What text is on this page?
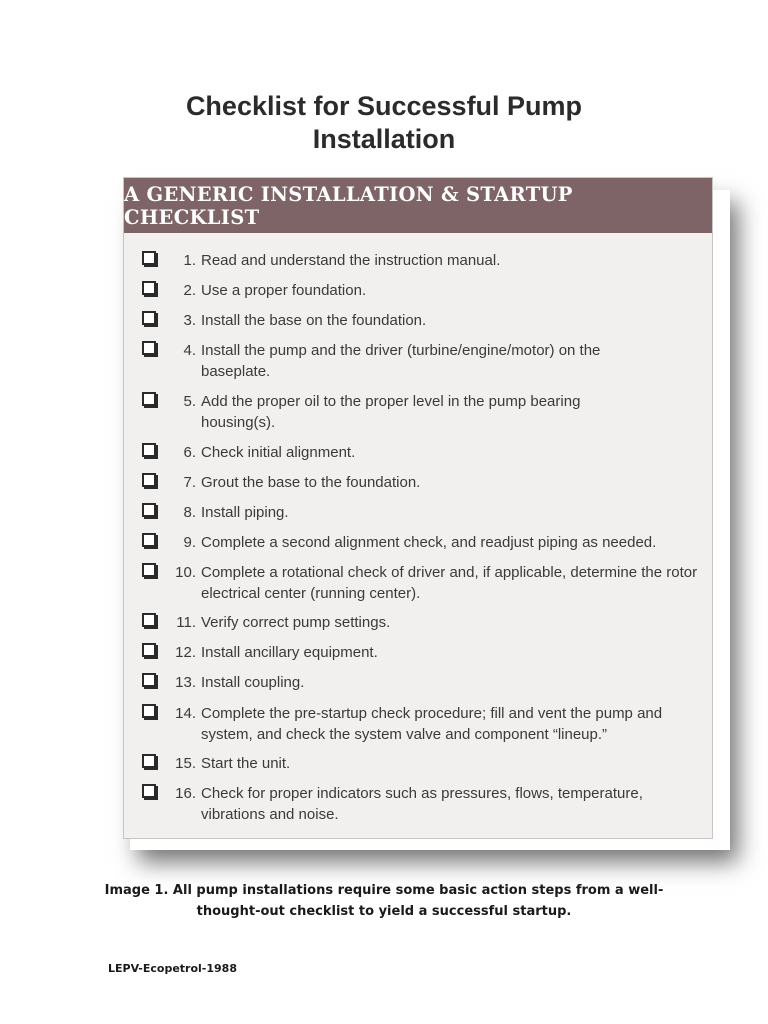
Checklist for Successful Pump
Installation
A GENERIC INSTALLATION & STARTUP CHECKLIST
1. Read and understand the instruction manual.
2. Use a proper foundation.
3. Install the base on the foundation.
4. Install the pump and the driver (turbine/engine/motor) on the baseplate.
5. Add the proper oil to the proper level in the pump bearing housing(s).
6. Check initial alignment.
7. Grout the base to the foundation.
8. Install piping.
9. Complete a second alignment check, and readjust piping as needed.
10. Complete a rotational check of driver and, if applicable, determine the rotor electrical center (running center).
11. Verify correct pump settings.
12. Install ancillary equipment.
13. Install coupling.
14. Complete the pre-startup check procedure; fill and vent the pump and system, and check the system valve and component “lineup.”
15. Start the unit.
16. Check for proper indicators such as pressures, flows, temperature, vibrations and noise.
Image 1. All pump installations require some basic action steps from a well-
thought-out checklist to yield a successful startup.
LEPV-Ecopetrol-1988
